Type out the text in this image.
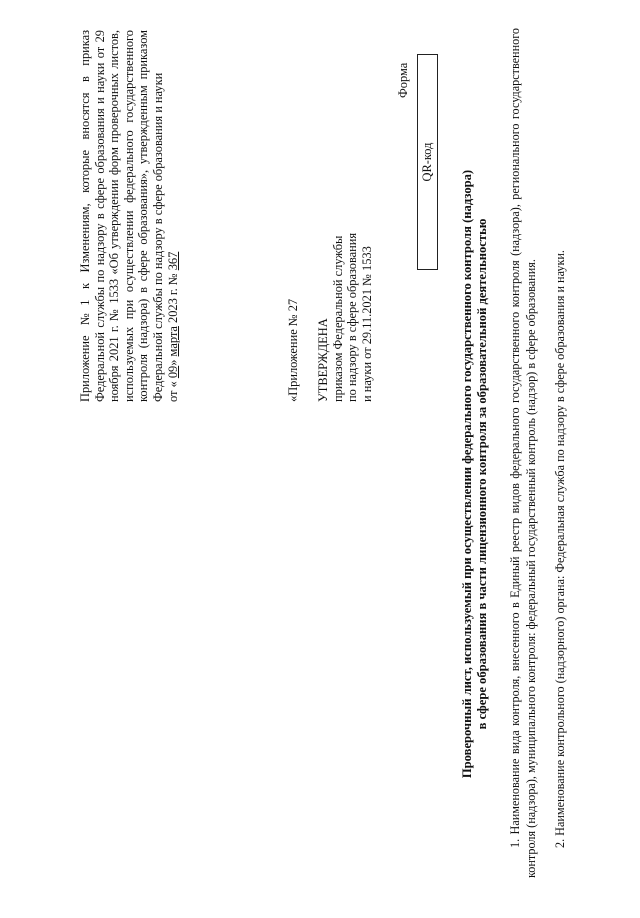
Приложение №1 к Изменениям, которые вносятся в приказ Федеральной службы по надзору в сфере образования и науки от 29 ноября 2021 г. № 1533 «Об утверждении форм проверочных листов, используемых при осуществлении федерального государственного контроля (надзора) в сфере образования», утвержденным приказом Федеральной службы по надзору в сфере образования и науки от « 09» марта 2023 г. № 367

«Приложение № 27 УТВЕРЖДЕНА приказом Федеральной службы по надзору в сфере образования и науки от 29.11.2021 № 1533
Форма
QR-код
Проверочный лист, используемый при осуществлении федерального государственного контроля (надзора) в сфере образования в части лицензионного контроля за образовательной деятельностью 1. Наименование вида контроля, внесенного в Единый реестр видов федерального государственного контроля (надзора), регионального государственного контроля (надзора), муниципального контроля: федеральный государственный контроль (надзор) в сфере образования. 2. Наименование контрольного (надзорного) органа: Федеральная служба по надзору в сфере образования и науки.
